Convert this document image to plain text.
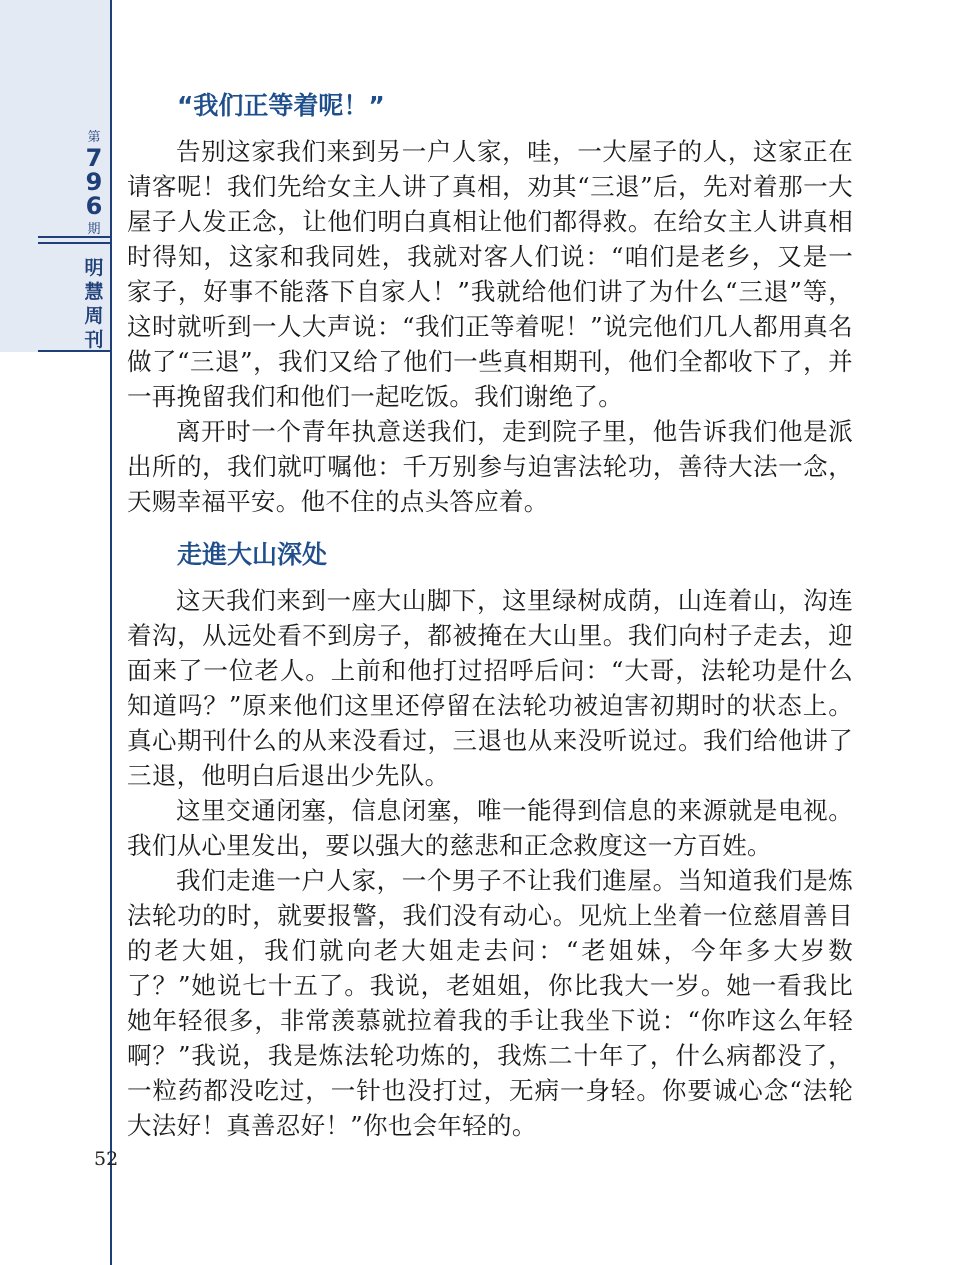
第
7
9
6
期
明
慧
周
刊
52
“我们正等着呢！”

告别这家我们来到另一户人家，哇，一大屋子的人，这家正在请客呢！我们先给女主人讲了真相，劝其“三退”后，先对着那一大屋子人发正念，让他们明白真相让他们都得救。在给女主人讲真相时得知，这家和我同姓，我就对客人们说：“咱们是老乡，又是一家子，好事不能落下自家人！”我就给他们讲了为什么“三退”等，这时就听到一人大声说：“我们正等着呢！”说完他们几人都用真名做了“三退”，我们又给了他们一些真相期刊，他们全都收下了，并一再挽留我们和他们一起吃饭。我们谢绝了。

离开时一个青年执意送我们，走到院子里，他告诉我们他是派出所的，我们就叮嘱他：千万别参与迫害法轮功，善待大法一念，天赐幸福平安。他不住的点头答应着。

走進大山深处

这天我们来到一座大山脚下，这里绿树成荫，山连着山，沟连着沟，从远处看不到房子，都被掩在大山里。我们向村子走去，迎面来了一位老人。上前和他打过招呼后问：“大哥，法轮功是什么知道吗？”原来他们这里还停留在法轮功被迫害初期时的状态上。真心期刊什么的从来没看过，三退也从来没听说过。我们给他讲了三退，他明白后退出少先队。

这里交通闭塞，信息闭塞，唯一能得到信息的来源就是电视。我们从心里发出，要以强大的慈悲和正念救度这一方百姓。

我们走進一户人家，一个男子不让我们進屋。当知道我们是炼法轮功的时，就要报警，我们没有动心。见炕上坐着一位慈眉善目的老大姐，我们就向老大姐走去问：“老姐妹，今年多大岁数了？”她说七十五了。我说，老姐姐，你比我大一岁。她一看我比她年轻很多，非常羡慕就拉着我的手让我坐下说：“你咋这么年轻啊？”我说，我是炼法轮功炼的，我炼二十年了，什么病都没了，一粒药都没吃过，一针也没打过，无病一身轻。你要诚心念“法轮大法好！真善忍好！”你也会年轻的。
